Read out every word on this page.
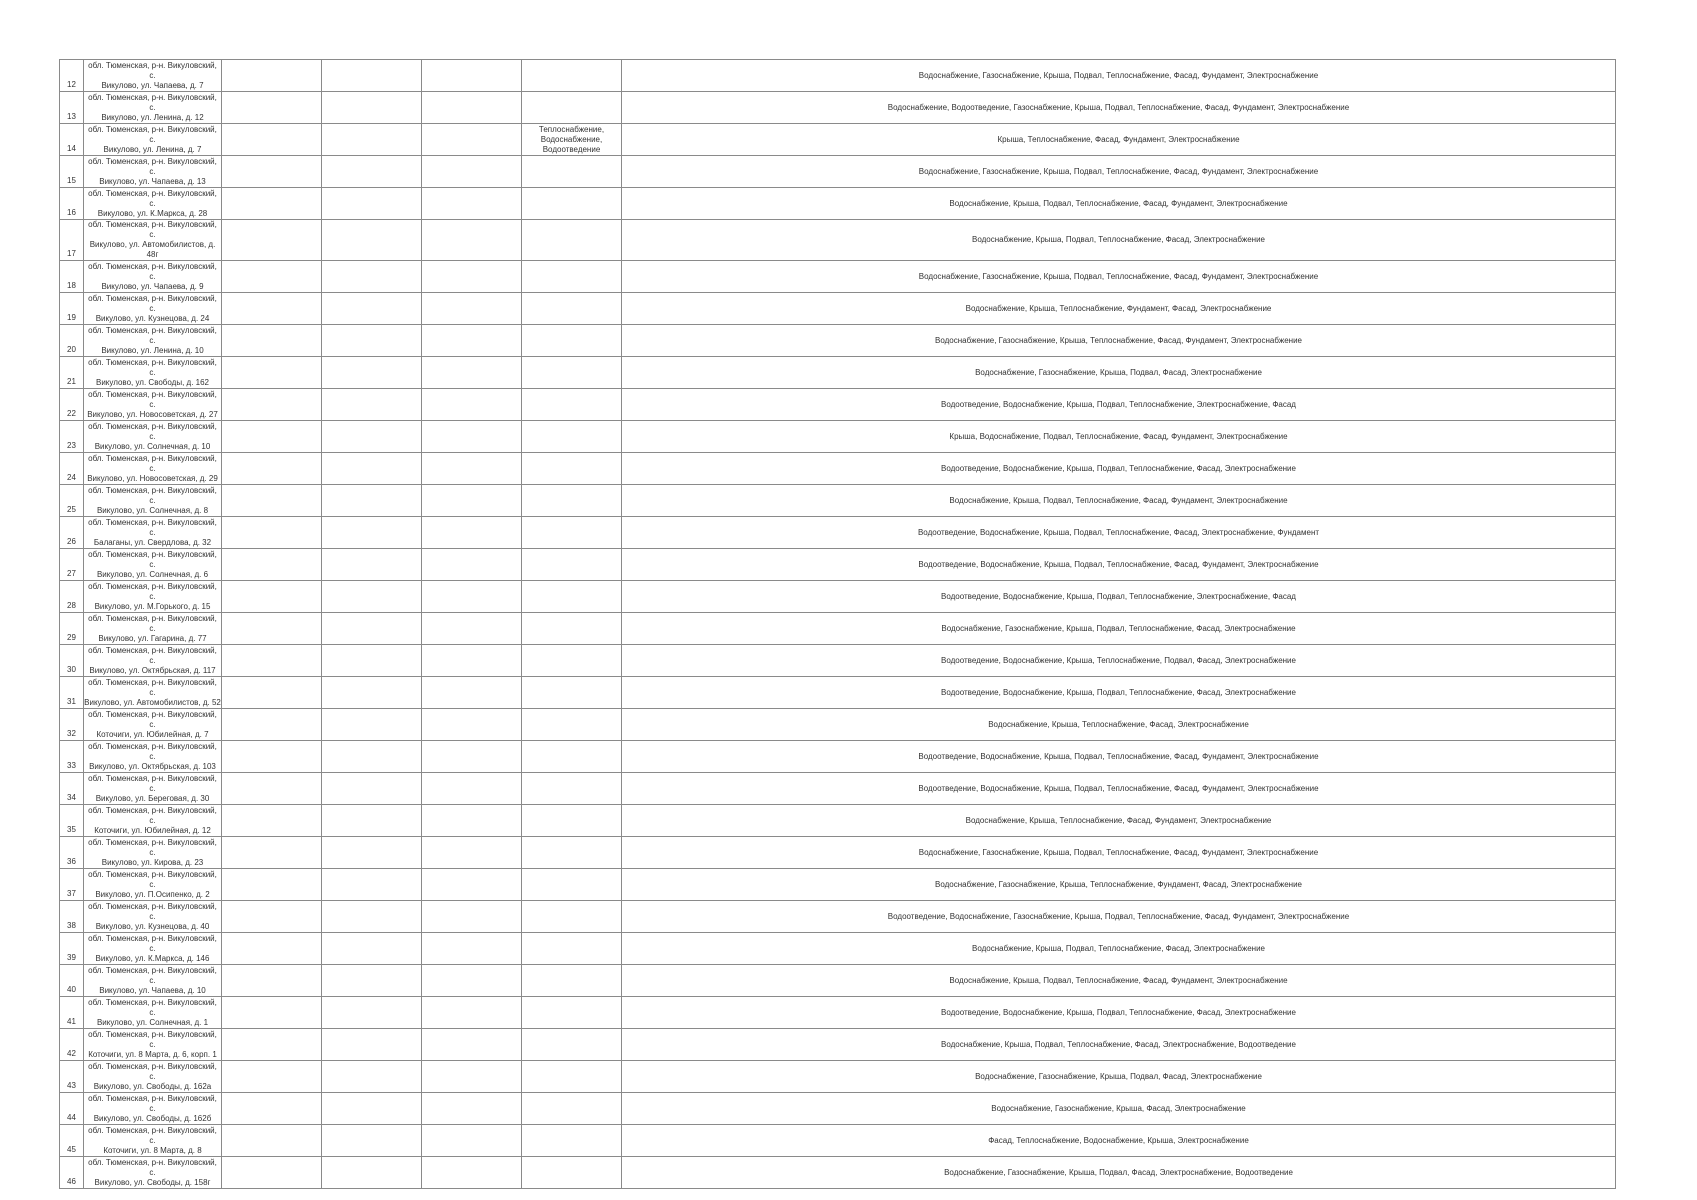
12	обл. Тюменская, р-н. Викуловский, с.
Викулово, ул. Чапаева, д. 7					Водоснабжение, Газоснабжение, Крыша, Подвал, Теплоснабжение, Фасад, Фундамент, Электроснабжение
13	обл. Тюменская, р-н. Викуловский, с.
Викулово, ул. Ленина, д. 12					Водоснабжение, Водоотведение, Газоснабжение, Крыша, Подвал, Теплоснабжение, Фасад, Фундамент, Электроснабжение
14	обл. Тюменская, р-н. Викуловский, с.
Викулово, ул. Ленина, д. 7				Теплоснабжение, Водоснабжение, Водоотведение	Крыша, Теплоснабжение, Фасад, Фундамент, Электроснабжение
15	обл. Тюменская, р-н. Викуловский, с.
Викулово, ул. Чапаева, д. 13					Водоснабжение, Газоснабжение, Крыша, Подвал, Теплоснабжение, Фасад, Фундамент, Электроснабжение
16	обл. Тюменская, р-н. Викуловский, с.
Викулово, ул. К.Маркса, д. 28					Водоснабжение, Крыша, Подвал, Теплоснабжение, Фасад, Фундамент, Электроснабжение
17	обл. Тюменская, р-н. Викуловский, с.
Викулово, ул. Автомобилистов, д. 48г					Водоснабжение, Крыша, Подвал, Теплоснабжение, Фасад, Электроснабжение
18	обл. Тюменская, р-н. Викуловский, с.
Викулово, ул. Чапаева, д. 9					Водоснабжение, Газоснабжение, Крыша, Подвал, Теплоснабжение, Фасад, Фундамент, Электроснабжение
19	обл. Тюменская, р-н. Викуловский, с.
Викулово, ул. Кузнецова, д. 24					Водоснабжение, Крыша, Теплоснабжение, Фундамент, Фасад, Электроснабжение
20	обл. Тюменская, р-н. Викуловский, с.
Викулово, ул. Ленина, д. 10					Водоснабжение, Газоснабжение, Крыша, Теплоснабжение, Фасад, Фундамент, Электроснабжение
21	обл. Тюменская, р-н. Викуловский, с.
Викулово, ул. Свободы, д. 162					Водоснабжение, Газоснабжение, Крыша, Подвал, Фасад, Электроснабжение
22	обл. Тюменская, р-н. Викуловский, с.
Викулово, ул. Новосоветская, д. 27					Водоотведение, Водоснабжение, Крыша, Подвал, Теплоснабжение, Электроснабжение, Фасад
23	обл. Тюменская, р-н. Викуловский, с.
Викулово, ул. Солнечная, д. 10					Крыша, Водоснабжение, Подвал, Теплоснабжение, Фасад, Фундамент, Электроснабжение
24	обл. Тюменская, р-н. Викуловский, с.
Викулово, ул. Новосоветская, д. 29					Водоотведение, Водоснабжение, Крыша, Подвал, Теплоснабжение, Фасад, Электроснабжение
25	обл. Тюменская, р-н. Викуловский, с.
Викулово, ул. Солнечная, д. 8					Водоснабжение, Крыша, Подвал, Теплоснабжение, Фасад, Фундамент, Электроснабжение
26	обл. Тюменская, р-н. Викуловский, с.
Балаганы, ул. Свердлова, д. 32					Водоотведение, Водоснабжение, Крыша, Подвал, Теплоснабжение, Фасад, Электроснабжение, Фундамент
27	обл. Тюменская, р-н. Викуловский, с.
Викулово, ул. Солнечная, д. 6					Водоотведение, Водоснабжение, Крыша, Подвал, Теплоснабжение, Фасад, Фундамент, Электроснабжение
28	обл. Тюменская, р-н. Викуловский, с.
Викулово, ул. М.Горького, д. 15					Водоотведение, Водоснабжение, Крыша, Подвал, Теплоснабжение, Электроснабжение, Фасад
29	обл. Тюменская, р-н. Викуловский, с.
Викулово, ул. Гагарина, д. 77					Водоснабжение, Газоснабжение, Крыша, Подвал, Теплоснабжение, Фасад, Электроснабжение
30	обл. Тюменская, р-н. Викуловский, с.
Викулово, ул. Октябрьская, д. 117					Водоотведение, Водоснабжение, Крыша, Теплоснабжение, Подвал, Фасад, Электроснабжение
31	обл. Тюменская, р-н. Викуловский, с.
Викулово, ул. Автомобилистов, д. 52					Водоотведение, Водоснабжение, Крыша, Подвал, Теплоснабжение, Фасад, Электроснабжение
32	обл. Тюменская, р-н. Викуловский, с.
Коточиги, ул. Юбилейная, д. 7					Водоснабжение, Крыша, Теплоснабжение, Фасад, Электроснабжение
33	обл. Тюменская, р-н. Викуловский, с.
Викулово, ул. Октябрьская, д. 103					Водоотведение, Водоснабжение, Крыша, Подвал, Теплоснабжение, Фасад, Фундамент, Электроснабжение
34	обл. Тюменская, р-н. Викуловский, с.
Викулово, ул. Береговая, д. 30					Водоотведение, Водоснабжение, Крыша, Подвал, Теплоснабжение, Фасад, Фундамент, Электроснабжение
35	обл. Тюменская, р-н. Викуловский, с.
Коточиги, ул. Юбилейная, д. 12					Водоснабжение, Крыша, Теплоснабжение, Фасад, Фундамент, Электроснабжение
36	обл. Тюменская, р-н. Викуловский, с.
Викулово, ул. Кирова, д. 23					Водоснабжение, Газоснабжение, Крыша, Подвал, Теплоснабжение, Фасад, Фундамент, Электроснабжение
37	обл. Тюменская, р-н. Викуловский, с.
Викулово, ул. П.Осипенко, д. 2					Водоснабжение, Газоснабжение, Крыша, Теплоснабжение, Фундамент, Фасад, Электроснабжение
38	обл. Тюменская, р-н. Викуловский, с.
Викулово, ул. Кузнецова, д. 40					Водоотведение, Водоснабжение, Газоснабжение, Крыша, Подвал, Теплоснабжение, Фасад, Фундамент, Электроснабжение
39	обл. Тюменская, р-н. Викуловский, с.
Викулово, ул. К.Маркса, д. 146					Водоснабжение, Крыша, Подвал, Теплоснабжение, Фасад, Электроснабжение
40	обл. Тюменская, р-н. Викуловский, с.
Викулово, ул. Чапаева, д. 10					Водоснабжение, Крыша, Подвал, Теплоснабжение, Фасад, Фундамент, Электроснабжение
41	обл. Тюменская, р-н. Викуловский, с.
Викулово, ул. Солнечная, д. 1					Водоотведение, Водоснабжение, Крыша, Подвал, Теплоснабжение, Фасад, Электроснабжение
42	обл. Тюменская, р-н. Викуловский, с.
Коточиги, ул. 8 Марта, д. 6, корп. 1					Водоснабжение, Крыша, Подвал, Теплоснабжение, Фасад, Электроснабжение, Водоотведение
43	обл. Тюменская, р-н. Викуловский, с.
Викулово, ул. Свободы, д. 162а					Водоснабжение, Газоснабжение, Крыша, Подвал, Фасад, Электроснабжение
44	обл. Тюменская, р-н. Викуловский, с.
Викулово, ул. Свободы, д. 162б					Водоснабжение, Газоснабжение, Крыша, Фасад, Электроснабжение
45	обл. Тюменская, р-н. Викуловский, с.
Коточиги, ул. 8 Марта, д. 8					Фасад, Теплоснабжение, Водоснабжение, Крыша, Электроснабжение
46	обл. Тюменская, р-н. Викуловский, с.
Викулово, ул. Свободы, д. 158г					Водоснабжение, Газоснабжение, Крыша, Подвал, Фасад, Электроснабжение, Водоотведение
